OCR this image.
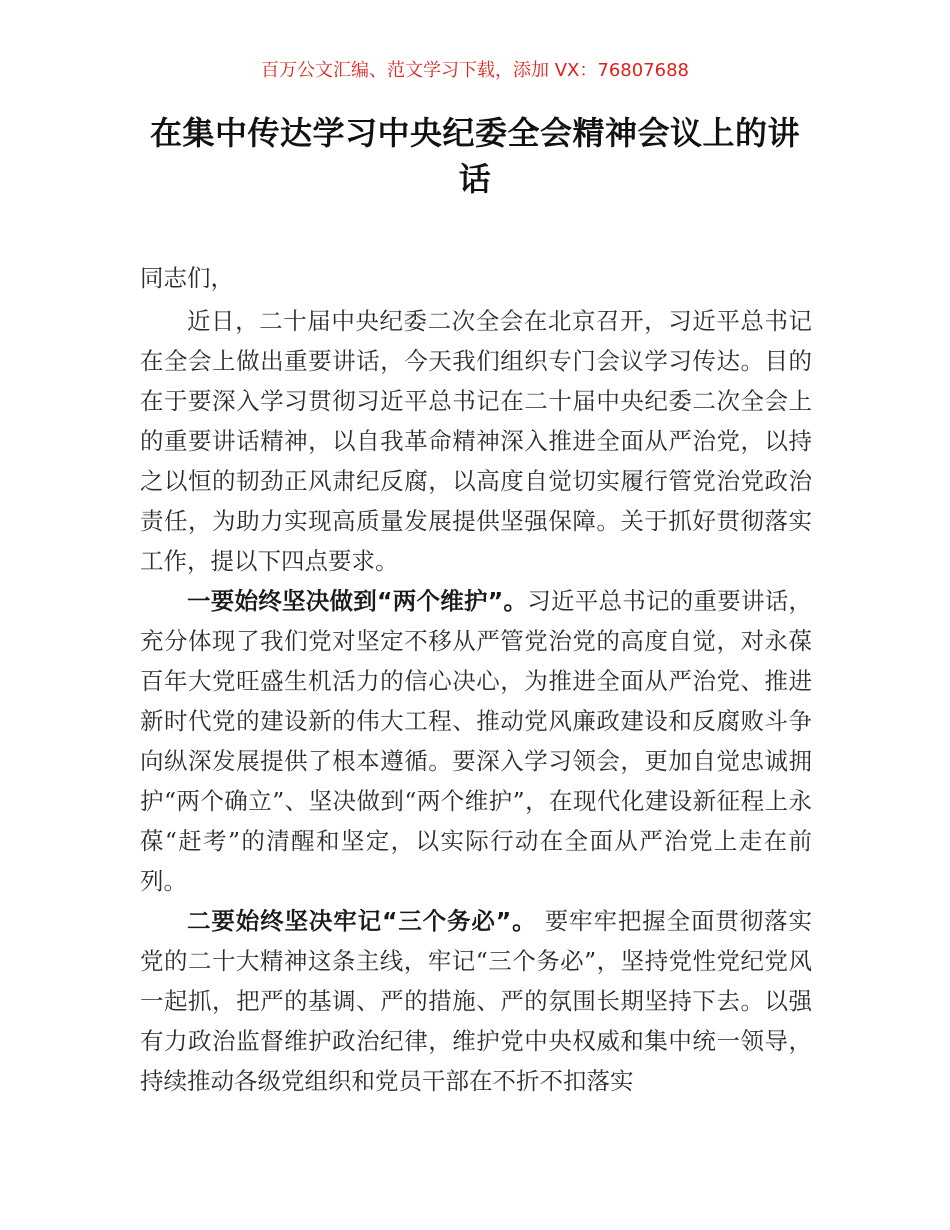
百万公文汇编、范文学习下载，添加 VX：76807688
在集中传达学习中央纪委全会精神会议上的讲话

同志们，

近日，二十届中央纪委二次全会在北京召开，习近平总书记在全会上做出重要讲话，今天我们组织专门会议学习传达。目的在于要深入学习贯彻习近平总书记在二十届中央纪委二次全会上的重要讲话精神，以自我革命精神深入推进全面从严治党，以持之以恒的韧劲正风肃纪反腐，以高度自觉切实履行管党治党政治责任，为助力实现高质量发展提供坚强保障。关于抓好贯彻落实工作，提以下四点要求。

一要始终坚决做到“两个维护”。习近平总书记的重要讲话，充分体现了我们党对坚定不移从严管党治党的高度自觉，对永葆百年大党旺盛生机活力的信心决心，为推进全面从严治党、推进新时代党的建设新的伟大工程、推动党风廉政建设和反腐败斗争向纵深发展提供了根本遵循。要深入学习领会，更加自觉忠诚拥护“两个确立”、坚决做到“两个维护”，在现代化建设新征程上永葆“赶考”的清醒和坚定，以实际行动在全面从严治党上走在前列。

二要始终坚决牢记“三个务必”。 要牢牢把握全面贯彻落实党的二十大精神这条主线，牢记“三个务必”，坚持党性党纪党风一起抓，把严的基调、严的措施、严的氛围长期坚持下去。以强有力政治监督维护政治纪律，维护党中央权威和集中统一领导，持续推动各级党组织和党员干部在不折不扣落实
